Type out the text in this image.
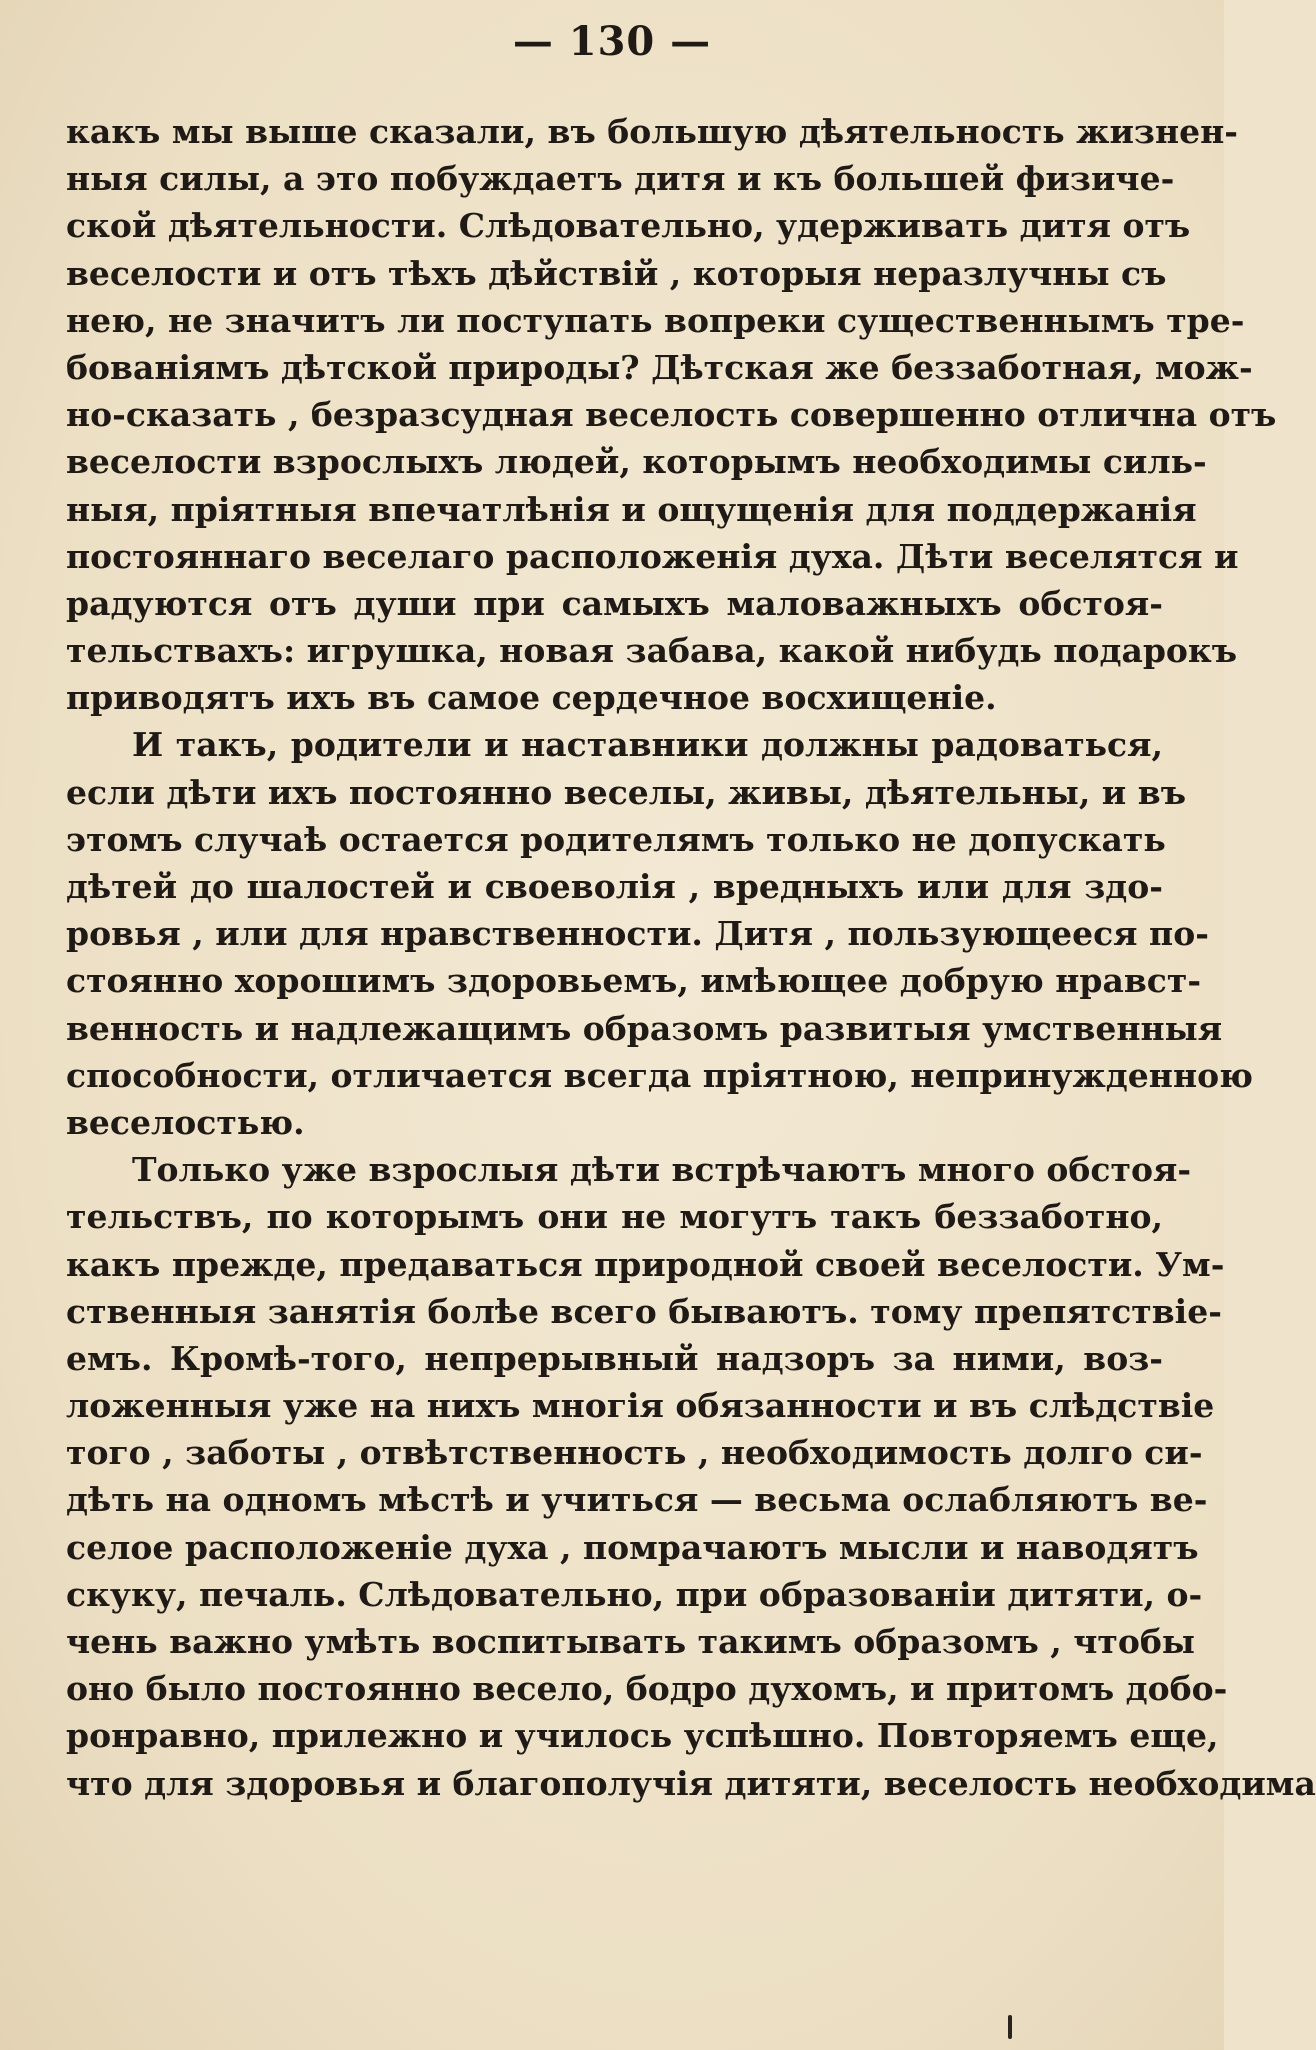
— 130 —
какъ мы выше сказали, въ большую дѣятельность жизнен-
ныя силы, а это побуждаетъ дитя и къ большей физиче-
ской дѣятельности. Слѣдовательно, удерживать дитя отъ
веселости и отъ тѣхъ дѣйствій , которыя неразлучны съ
нею, не значитъ ли поступать вопреки существеннымъ тре-
бованіямъ дѣтской природы? Дѣтская же беззаботная, мож-
но-сказать , безразсудная веселость совершенно отлична отъ
веселости взрослыхъ людей, которымъ необходимы силь-
ныя, пріятныя впечатлѣнія и ощущенія для поддержанія
постояннаго веселаго расположенія духа. Дѣти веселятся и
радуются отъ души при самыхъ маловажныхъ обстоя-
тельствахъ: игрушка, новая забава, какой нибудь подарокъ
приводятъ ихъ въ самое сердечное восхищеніе.
И такъ, родители и наставники должны радоваться,
если дѣти ихъ постоянно веселы, живы, дѣятельны, и въ
этомъ случаѣ остается родителямъ только не допускать
дѣтей до шалостей и своеволія , вредныхъ или для здо-
ровья , или для нравственности. Дитя , пользующееся по-
стоянно хорошимъ здоровьемъ, имѣющее добрую нравст-
венность и надлежащимъ образомъ развитыя умственныя
способности, отличается всегда пріятною, непринужденною
веселостью.
Только уже взрослыя дѣти встрѣчаютъ много обстоя-
тельствъ, по которымъ они не могутъ такъ беззаботно,
какъ прежде, предаваться природной своей веселости. Ум-
ственныя занятія болѣе всего бываютъ. тому препятствіе-
емъ. Кромѣ-того, непрерывный надзоръ за ними, воз-
ложенныя уже на нихъ многія обязанности и въ слѣдствіе
того , заботы , отвѣтственность , необходимость долго си-
дѣть на одномъ мѣстѣ и учиться — весьма ослабляютъ ве-
селое расположеніе духа , помрачаютъ мысли и наводятъ
скуку, печаль. Слѣдовательно, при образованіи дитяти, о-
чень важно умѣть воспитывать такимъ образомъ , чтобы
оно было постоянно весело, бодро духомъ, и притомъ добо-
ронравно, прилежно и училось успѣшно. Повторяемъ еще,
что для здоровья и благополучія дитяти, веселость необходима
